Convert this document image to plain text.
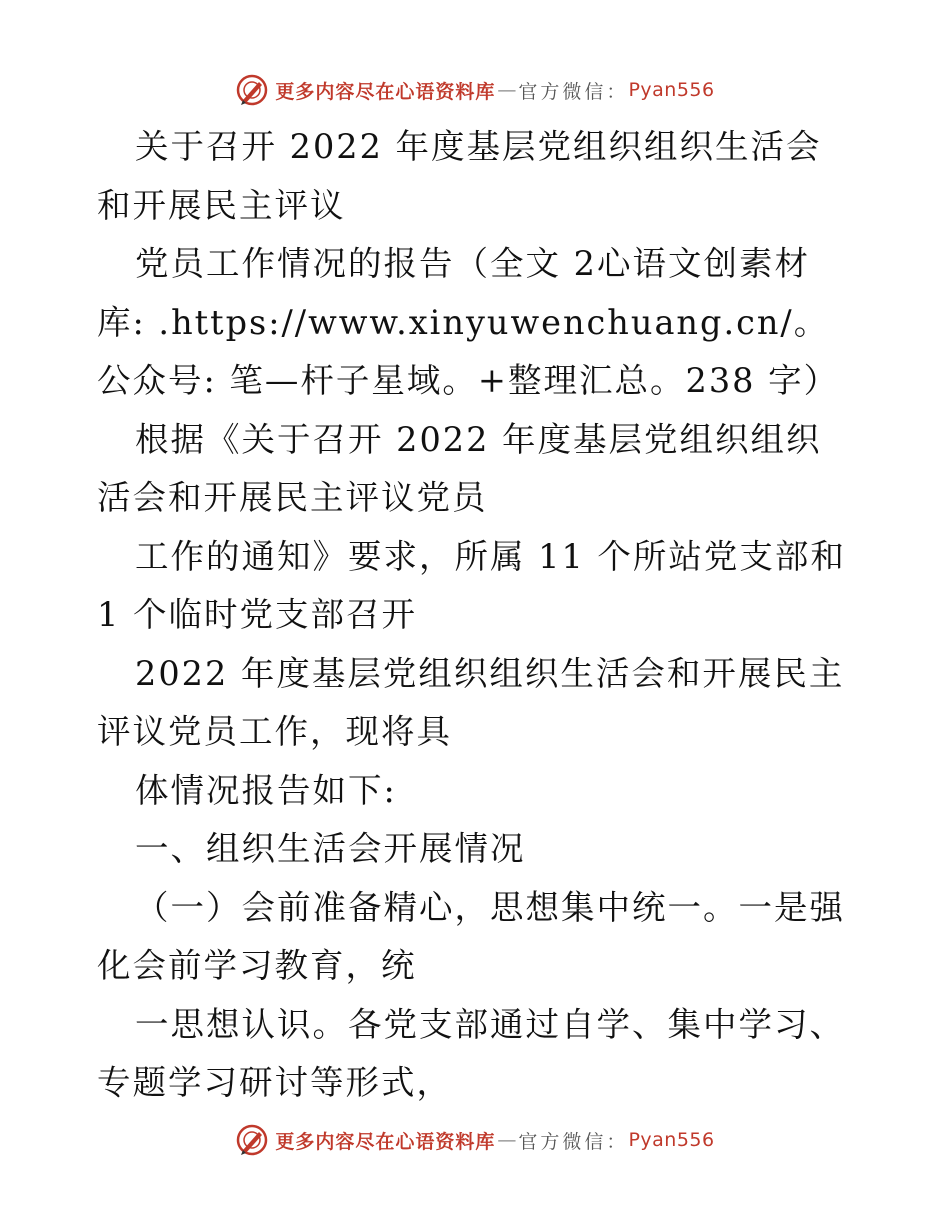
更多内容尽在心语资料库 — 官方微信： Pyan556

关于召开 2022 年度基层党组织组织生活会和开展民主评议

党员工作情况的报告（全文 2心语文创素材库: .https://www.xinyuwenchuang.cn/。公众号: 笔—杆子星域。+整理汇总。238 字）

根据《关于召开 2022 年度基层党组织组织活会和开展民主评议党员

工作的通知》要求，所属 11 个所站党支部和 1 个临时党支部召开

2022 年度基层党组织组织生活会和开展民主评议党员工作，现将具

体情况报告如下:

一、组织生活会开展情况

（一）会前准备精心，思想集中统一。一是强化会前学习教育，统

一思想认识。各党支部通过自学、集中学习、专题学习研讨等形式，

更多内容尽在心语资料库 — 官方微信： Pyan556
